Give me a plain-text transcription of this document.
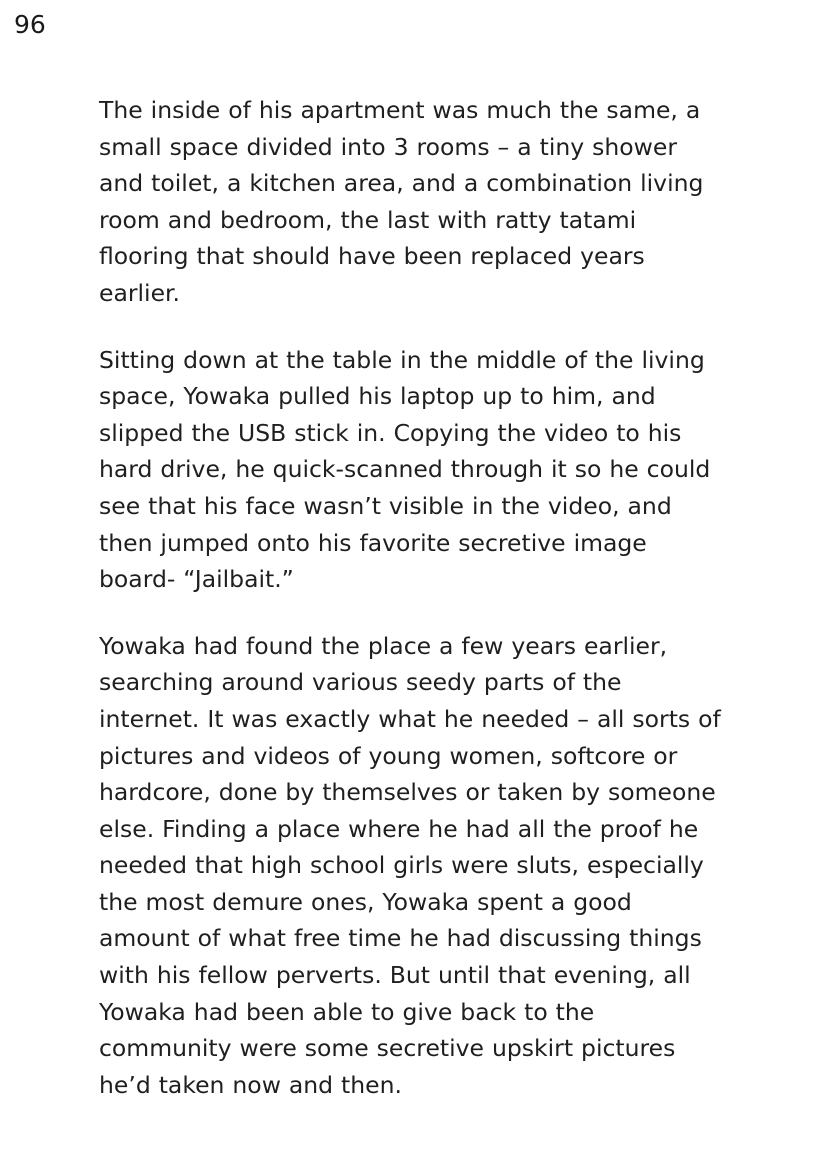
96

The inside of his apartment was much the same, a small space divided into 3 rooms – a tiny shower and toilet, a kitchen area, and a combination living room and bedroom, the last with ratty tatami flooring that should have been replaced years earlier.

Sitting down at the table in the middle of the living space, Yowaka pulled his laptop up to him, and slipped the USB stick in. Copying the video to his hard drive, he quick-scanned through it so he could see that his face wasn’t visible in the video, and then jumped onto his favorite secretive image board- “Jailbait.”

Yowaka had found the place a few years earlier, searching around various seedy parts of the internet. It was exactly what he needed – all sorts of pictures and videos of young women, softcore or hardcore, done by themselves or taken by someone else. Finding a place where he had all the proof he needed that high school girls were sluts, especially the most demure ones, Yowaka spent a good amount of what free time he had discussing things with his fellow perverts. But until that evening, all Yowaka had been able to give back to the community were some secretive upskirt pictures he’d taken now and then.
